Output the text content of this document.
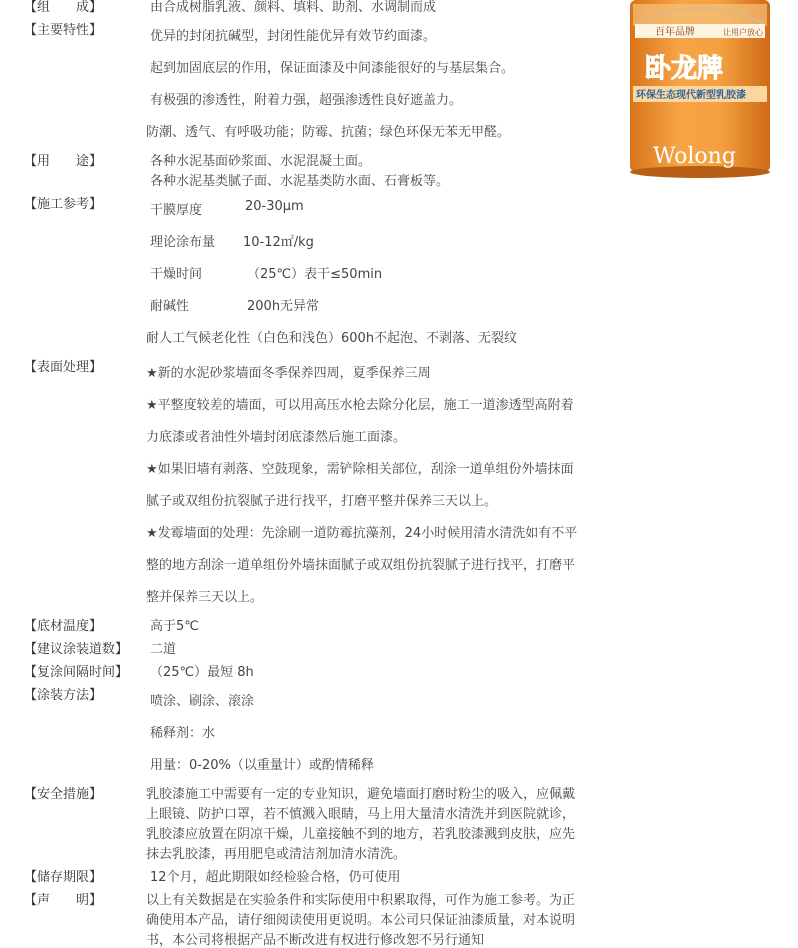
百年品牌	让用户放心
卧龙牌
环保生态现代新型乳胶漆
Wolong
【组　　成】	由合成树脂乳液、颜料、填料、助剂、水调制而成
【主要特性】	优异的封闭抗碱型，封闭性能优异有效节约面漆。
起到加固底层的作用，保证面漆及中间漆能很好的与基层集合。
有极强的渗透性，附着力强，超强渗透性良好遮盖力。
防潮、透气、有呼吸功能；防霉、抗菌；绿色环保无苯无甲醛。
【用　　途】	各种水泥基面砂浆面、水泥混凝土面。
各种水泥基类腻子面、水泥基类防水面、石膏板等。
【施工参考】	干膜厚度	20-30μm
理论涂布量 10-12㎡/kg
干燥时间	（25℃）表干≤50min
耐碱性	200h无异常
耐人工气候老化性（白色和浅色）600h不起泡、不剥落、无裂纹
【表面处理】	★新的水泥砂浆墙面冬季保养四周，夏季保养三周
★平整度较差的墙面，可以用高压水枪去除分化层，施工一道渗透型高附着
力底漆或者油性外墙封闭底漆然后施工面漆。
★如果旧墙有剥落、空鼓现象，需铲除相关部位，刮涂一道单组份外墙抹面
腻子或双组份抗裂腻子进行找平，打磨平整并保养三天以上。
★发霉墙面的处理：先涂刷一道防霉抗藻剂，24小时候用清水清洗如有不平
整的地方刮涂一道单组份外墙抹面腻子或双组份抗裂腻子进行找平，打磨平
整并保养三天以上。
【底材温度】	高于5℃
【建议涂装道数】 二道
【复涂间隔时间】 （25℃）最短 8h
【涂装方法】	喷涂、刷涂、滚涂
稀释剂：水
用量：0-20%（以重量计）或酌情稀释
【安全措施】	乳胶漆施工中需要有一定的专业知识，避免墙面打磨时粉尘的吸入，应佩戴
上眼镜、防护口罩，若不慎溅入眼睛，马上用大量清水清洗并到医院就诊，
乳胶漆应放置在阴凉干燥，儿童接触不到的地方，若乳胶漆溅到皮肤，应先
抹去乳胶漆，再用肥皂或清洁剂加清水清洗。
【储存期限】	12个月，超此期限如经检验合格，仍可使用
【声　　明】	以上有关数据是在实验条件和实际使用中积累取得，可作为施工参考。为正
确使用本产品，请仔细阅读使用更说明。本公司只保证油漆质量，对本说明
书，本公司将根据产品不断改进有权进行修改恕不另行通知
